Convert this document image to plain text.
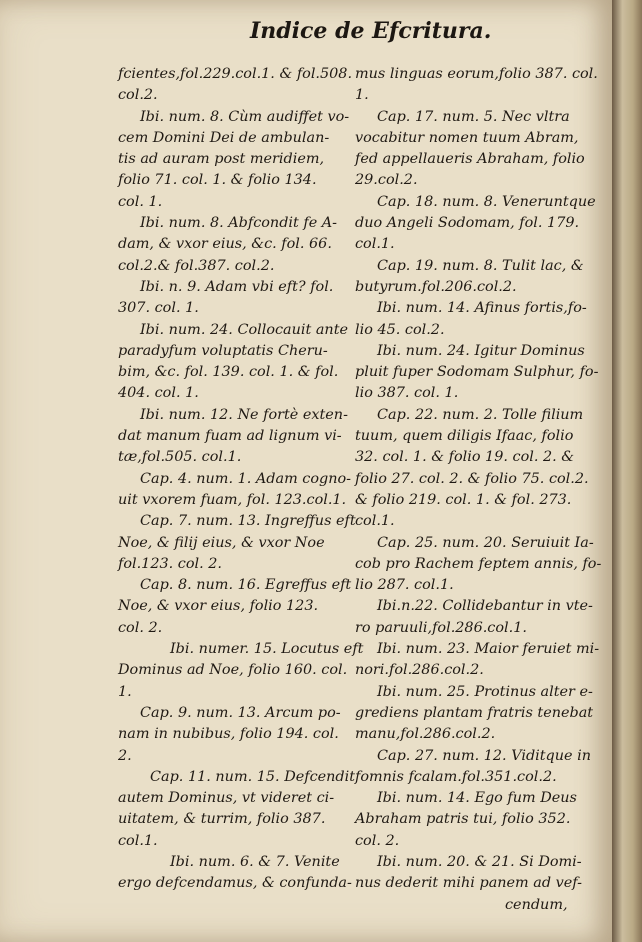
Indice de Efcritura.
fcientes,fol.229.col.1. & fol.508.
col.2.
Ibi. num. 8. Cùm audiffet vo-
cem Domini Dei de ambulan-
tis ad auram post meridiem,
folio 71. col. 1. & folio 134.
col. 1.
Ibi. num. 8. Abfcondit fe A-
dam, & vxor eius, &c. fol. 66.
col.2.& fol.387. col.2.
Ibi. n. 9. Adam vbi eft? fol.
307. col. 1.
Ibi. num. 24. Collocauit ante
paradyfum voluptatis Cheru-
bim, &c. fol. 139. col. 1. & fol.
404. col. 1.
Ibi. num. 12. Ne fortè exten-
dat manum fuam ad lignum vi-
tæ,fol.505. col.1.
Cap. 4. num. 1. Adam cogno-
uit vxorem fuam, fol. 123.col.1.
Cap. 7. num. 13. Ingreffus eft
Noe, & filij eius, & vxor Noe
fol.123. col. 2.
Cap. 8. num. 16. Egreffus eft
Noe, & vxor eius, folio 123.
col. 2.
Ibi. numer. 15. Locutus eft
Dominus ad Noe, folio 160. col.
1.
Cap. 9. num. 13. Arcum po-
nam in nubibus, folio 194. col.
2.
Cap. 11. num. 15. Defcendit
autem Dominus, vt videret ci-
uitatem, & turrim, folio 387.
col.1.
Ibi. num. 6. & 7. Venite
ergo defcendamus, & confunda-
mus linguas eorum,folio 387. col.
1.
Cap. 17. num. 5. Nec vltra
vocabitur nomen tuum Abram,
fed appellaueris Abraham, folio
29.col.2.
Cap. 18. num. 8. Veneruntque
duo Angeli Sodomam, fol. 179.
col.1.
Cap. 19. num. 8. Tulit lac, &
butyrum.fol.206.col.2.
Ibi. num. 14. Afinus fortis,fo-
lio 45. col.2.
Ibi. num. 24. Igitur Dominus
pluit fuper Sodomam Sulphur, fo-
lio 387. col. 1.
Cap. 22. num. 2. Tolle filium
tuum, quem diligis Ifaac, folio
32. col. 1. & folio 19. col. 2. &
folio 27. col. 2. & folio 75. col.2.
& folio 219. col. 1. & fol. 273.
col.1.
Cap. 25. num. 20. Seruiuit Ia-
cob pro Rachem feptem annis, fo-
lio 287. col.1.
Ibi.n.22. Collidebantur in vte-
ro paruuli,fol.286.col.1.
Ibi. num. 23. Maior feruiet mi-
nori.fol.286.col.2.
Ibi. num. 25. Protinus alter e-
grediens plantam fratris tenebat
manu,fol.286.col.2.
Cap. 27. num. 12. Viditque in
fomnis fcalam.fol.351.col.2.
Ibi. num. 14. Ego fum Deus
Abraham patris tui, folio 352.
col. 2.
Ibi. num. 20. & 21. Si Domi-
nus dederit mihi panem ad vef-
cendum,
